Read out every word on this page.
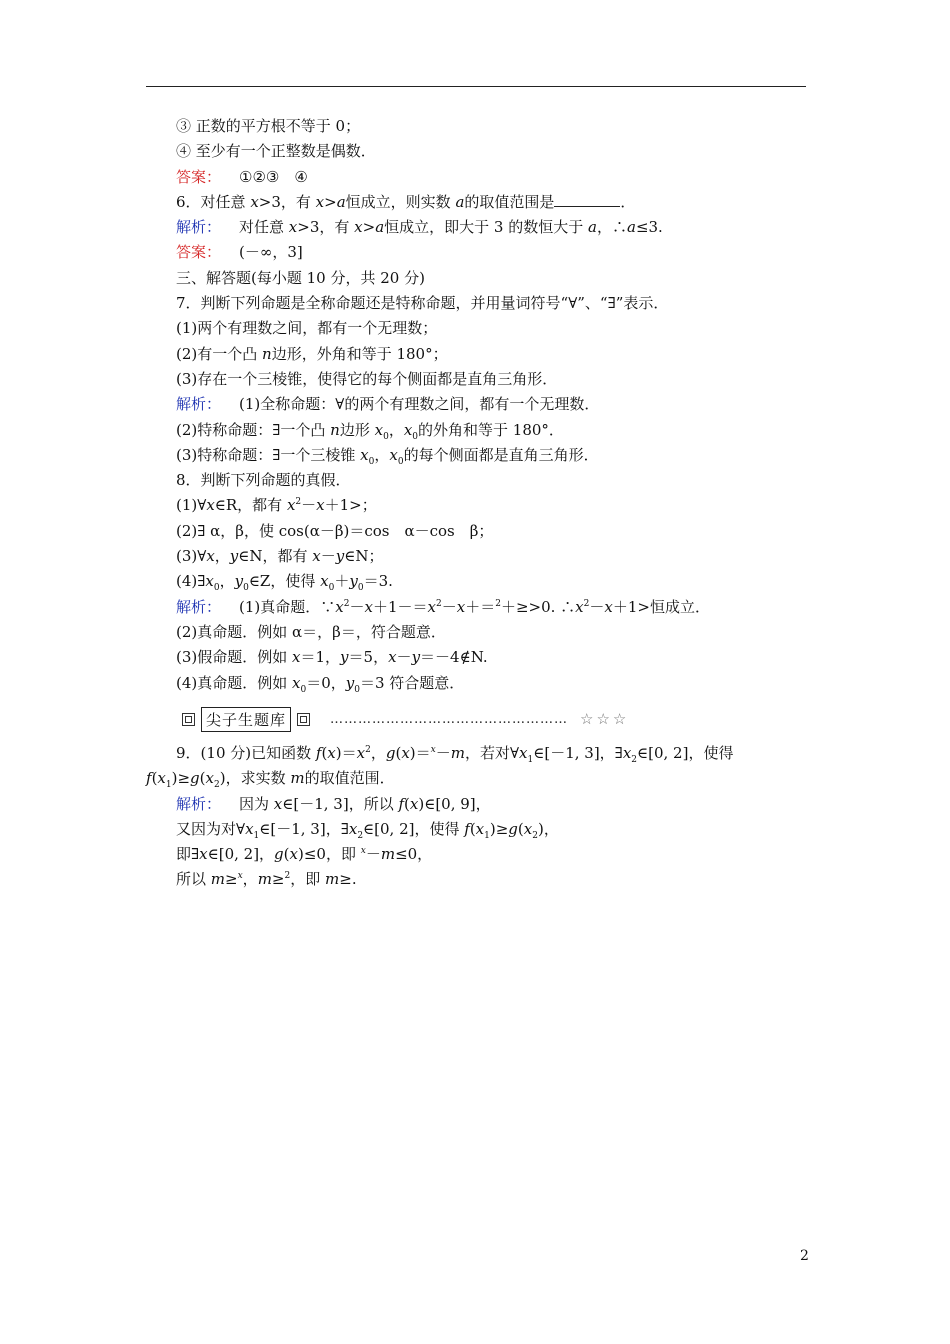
③ 正数的平方根不等于 0；
④ 至少有一个正整数是偶数．
答案： ①②③　④
6．对任意 x>3，有 x>a恒成立，则实数 a的取值范围是	．
解析： 对任意 x>3，有 x>a恒成立，即大于 3 的数恒大于 a，∴a≤3.
答案： (－∞，3]
三、解答题(每小题 10 分，共 20 分)
7．判断下列命题是全称命题还是特称命题，并用量词符号“∀”、“∃”表示．
(1)两个有理数之间，都有一个无理数；
(2)有一个凸 n边形，外角和等于 180°；
(3)存在一个三棱锥，使得它的每个侧面都是直角三角形．
解析： (1)全称命题：∀的两个有理数之间，都有一个无理数．
(2)特称命题：∃一个凸 n边形 $x_0$，$x_0$的外角和等于 180°．
(3)特称命题：∃一个三棱锥 $x_0$，$x_0$的每个侧面都是直角三角形．
8．判断下列命题的真假．
(1)∀x∈R，都有 $x^2-x+1>$；
(2)∃ α，β，使 cos(α－β)＝cos　α－cos　β；
(3)∀x，y∈N，都有 x－y∈N；
$(4)\exists x_0$，$y_0\in Z$，使得 $x_0+y_0=3$.
解析： (1)真命题．$\because x^2-x+1-=x^2-x+=^2+\ge>0$. $\therefore x^2-x+1>$恒成立．
(2)真命题．例如 α＝，β＝，符合题意．
(3)假命题．例如 x＝1，y＝5，x－y＝－4∉N.
(4)真命题．例如 $x_0=0$，$y_0=3$ 符合题意．
尖子生题库	…………………………………………… ☆☆☆
9．(10 分)已知函数 $f(x)=x^2$，g(x)＝$^x$－m，若对$\forall x_1\in[-1$, 3]，$\exists x_2\in[0$, 2]，使得
$f(x_1)\ge g(x_2)$，求实数 m的取值范围．
解析： 因为 x∈[－1, 3]，所以 f(x)∈[0, 9]，
又因为对$\forall x_1\in[-1$, 3]，$\exists x_2\in[0$, 2]，使得 $f(x_1)\ge g(x_2)$，
即∃x∈[0, 2]，g(x)≤0，即 $^x$－m≤0，
所以 m≥$^x$，m≥$^2$，即 m≥.
2
